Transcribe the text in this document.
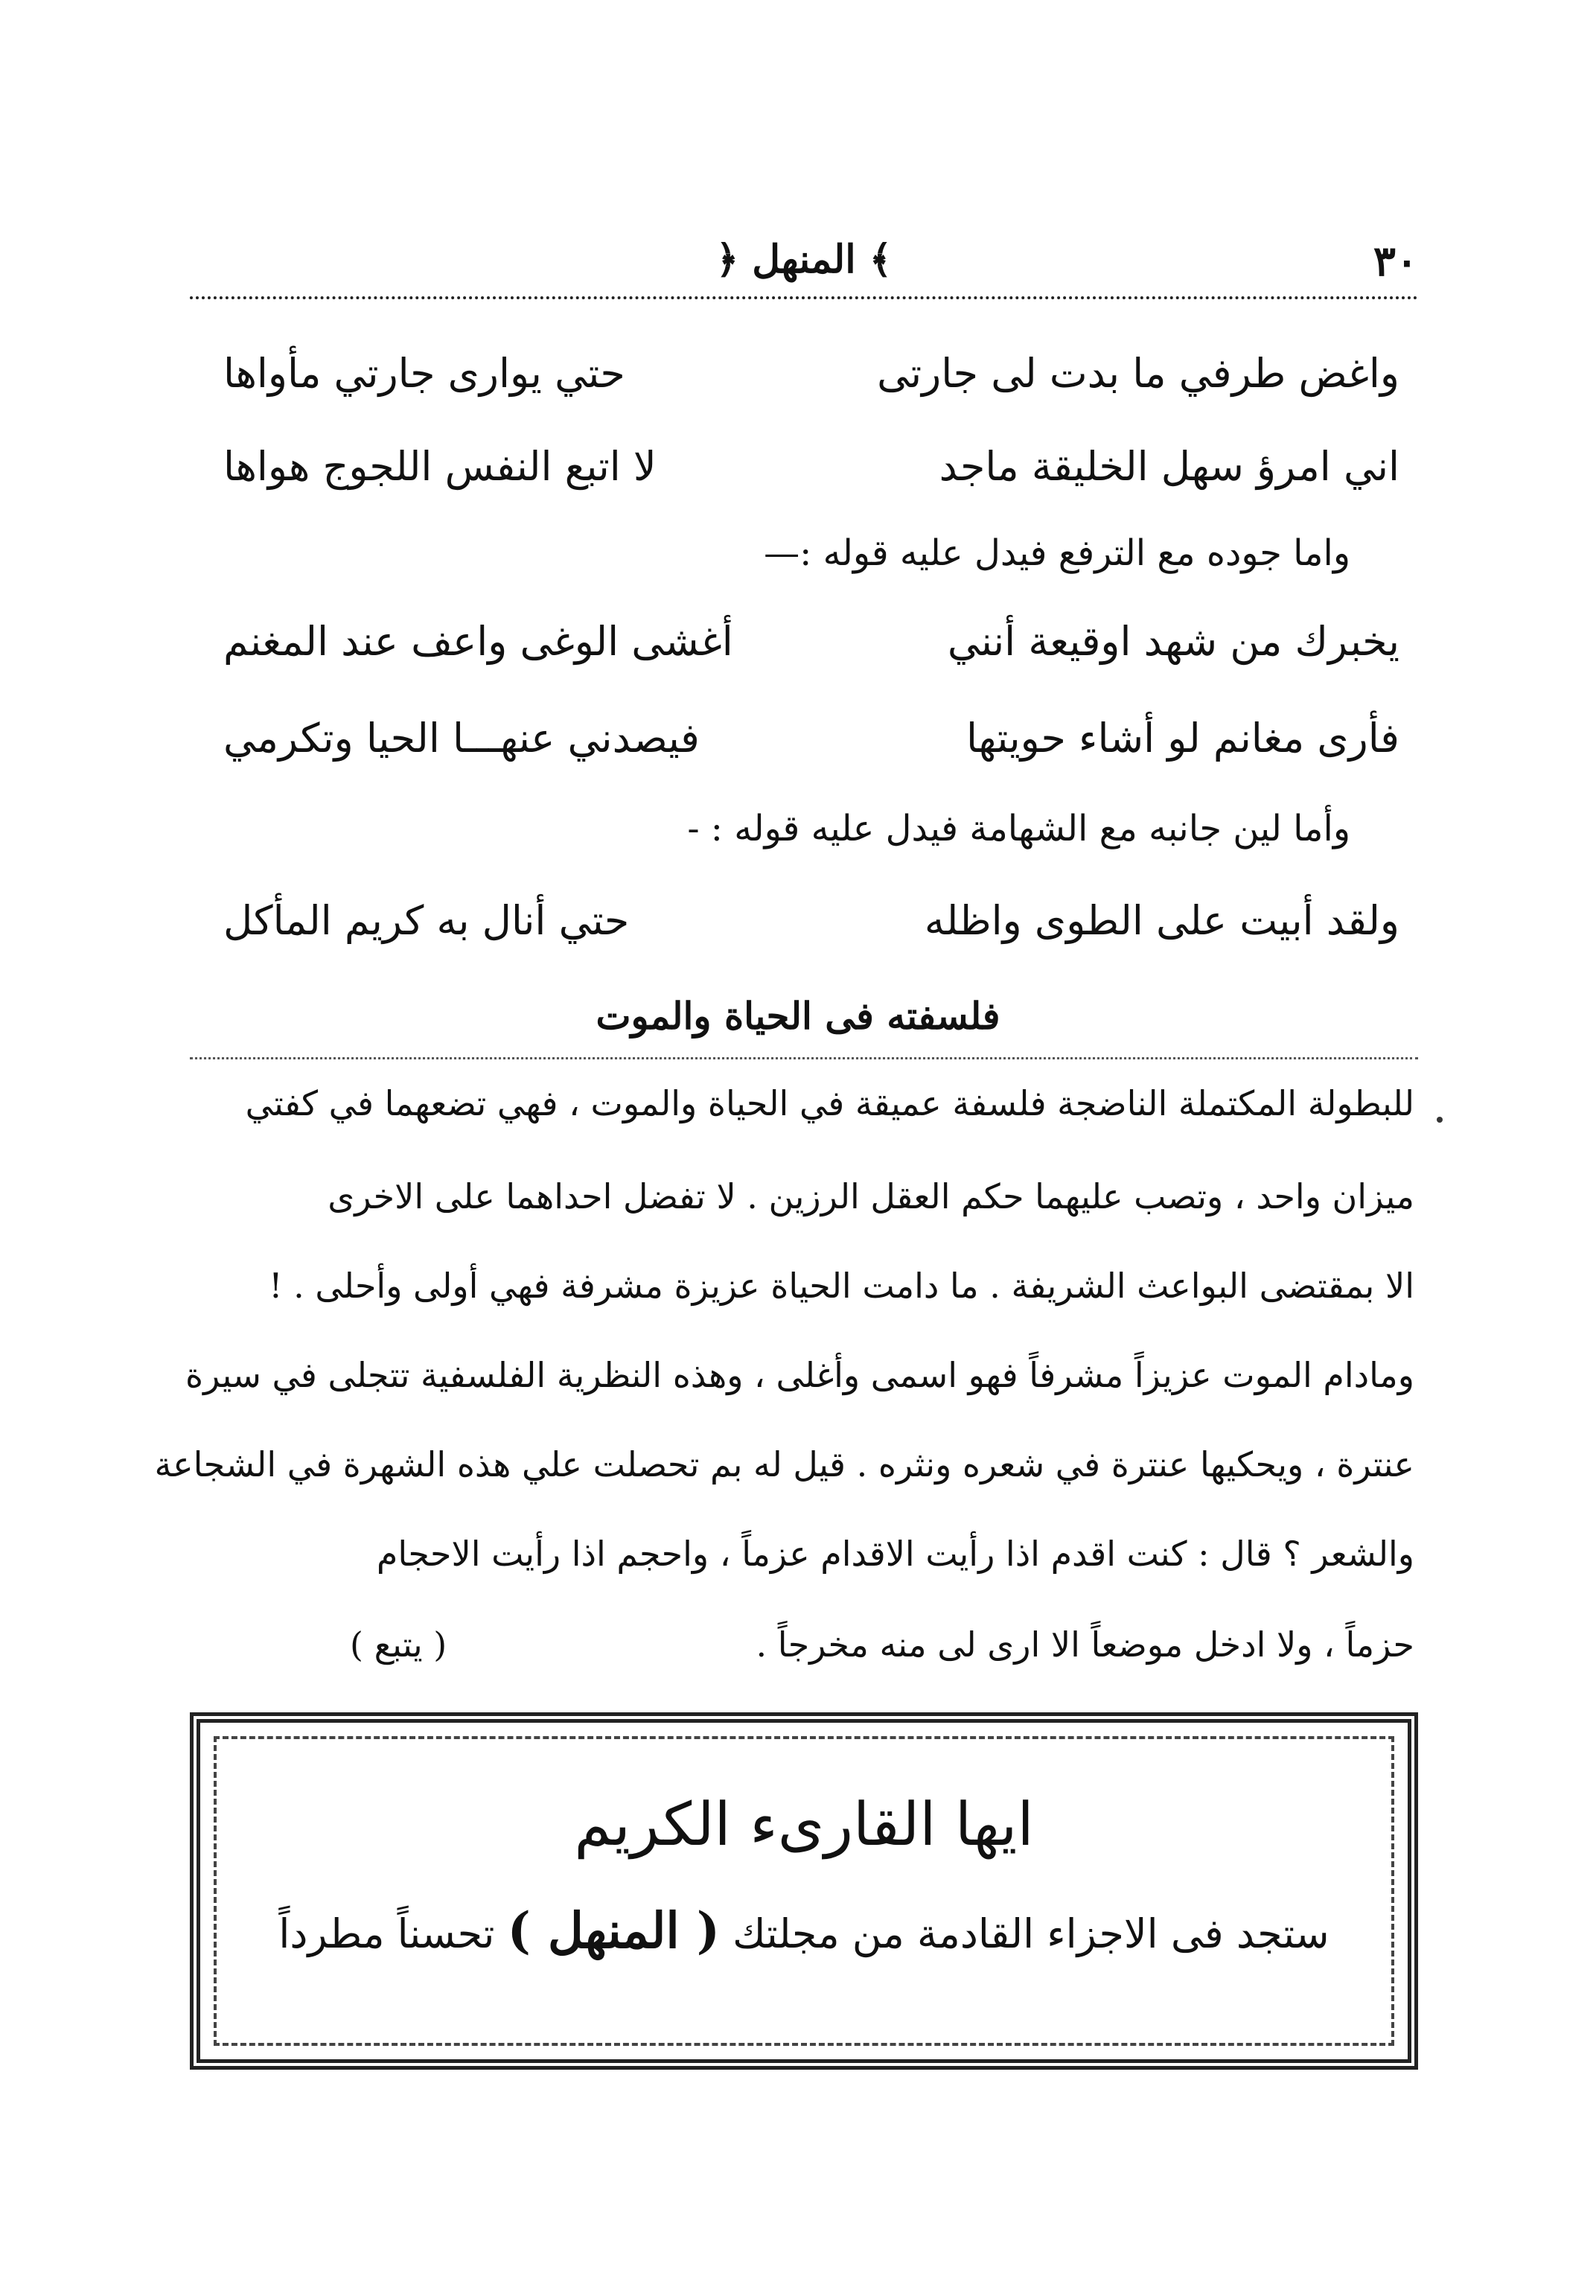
٣٠
﴿ المنهل ﴾
واغض طرفي ما بدت لى جارتى
حتي يوارى جارتي مأواها
اني امرؤ سهل الخليقة ماجد
لا اتبع النفس اللجوج هواها
واما جوده مع الترفع فيدل عليه قوله :—
يخبرك من شهد اوقيعة أنني
أغشى الوغى واعف عند المغنم
فأرى مغانم لو أشاء حويتها
فيصدني عنهـــا الحيا وتكرمي
وأما لين جانبه مع الشهامة فيدل عليه قوله : -
ولقد أبيت على الطوى واظله
حتي أنال به كريم المأكل
فلسفته فى الحياة والموت
للبطولة المكتملة الناضجة فلسفة عميقة في الحياة والموت ، فهي تضعهما في كفتي
ميزان واحد ، وتصب عليهما حكم العقل الرزين . لا تفضل احداهما على الاخرى
الا بمقتضى البواعث الشريفة . ما دامت الحياة عزيزة مشرفة فهي أولى وأحلى . !
ومادام الموت عزيزاً مشرفاً فهو اسمى وأغلى ، وهذه النظرية الفلسفية تتجلى في سيرة
عنترة ، ويحكيها عنترة في شعره ونثره . قيل له بم تحصلت علي هذه الشهرة في الشجاعة
والشعر ؟ قال : كنت اقدم اذا رأيت الاقدام عزماً ، واحجم اذا رأيت الاحجام
حزماً ، ولا ادخل موضعاً الا ارى لى منه مخرجاً .
( يتبع )
ايها القارىء الكريم
ستجد فى الاجزاء القادمة من مجلتك ( المنهل ) تحسناً مطرداً
